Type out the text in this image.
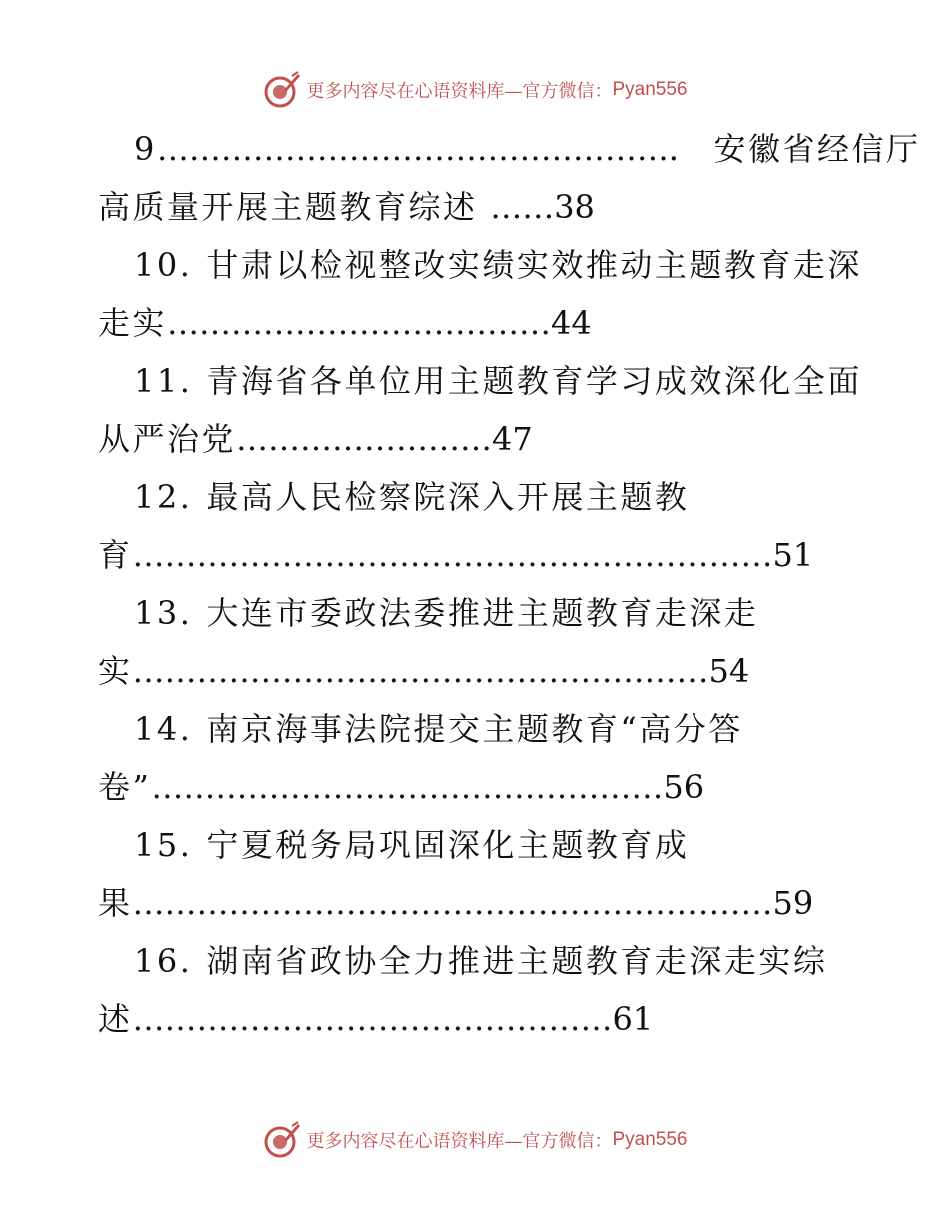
更多内容尽在心语资料库— 官方微信： Pyan556
9…………………………………………． 安徽省经信厅
高质量开展主题教育综述 ……38
10. 甘肃以检视整改实绩实效推动主题教育走深
走实………………………………44
11. 青海省各单位用主题教育学习成效深化全面
从严治党……………………47
12. 最高人民检察院深入开展主题教
育……………………………………………………51
13. 大连市委政法委推进主题教育走深走
实………………………………………………54
14. 南京海事法院提交主题教育“高分答
卷”…………………………………………56
15. 宁夏税务局巩固深化主题教育成
果……………………………………………………59
16. 湖南省政协全力推进主题教育走深走实综
述………………………………………61
更多内容尽在心语资料库— 官方微信： Pyan556
